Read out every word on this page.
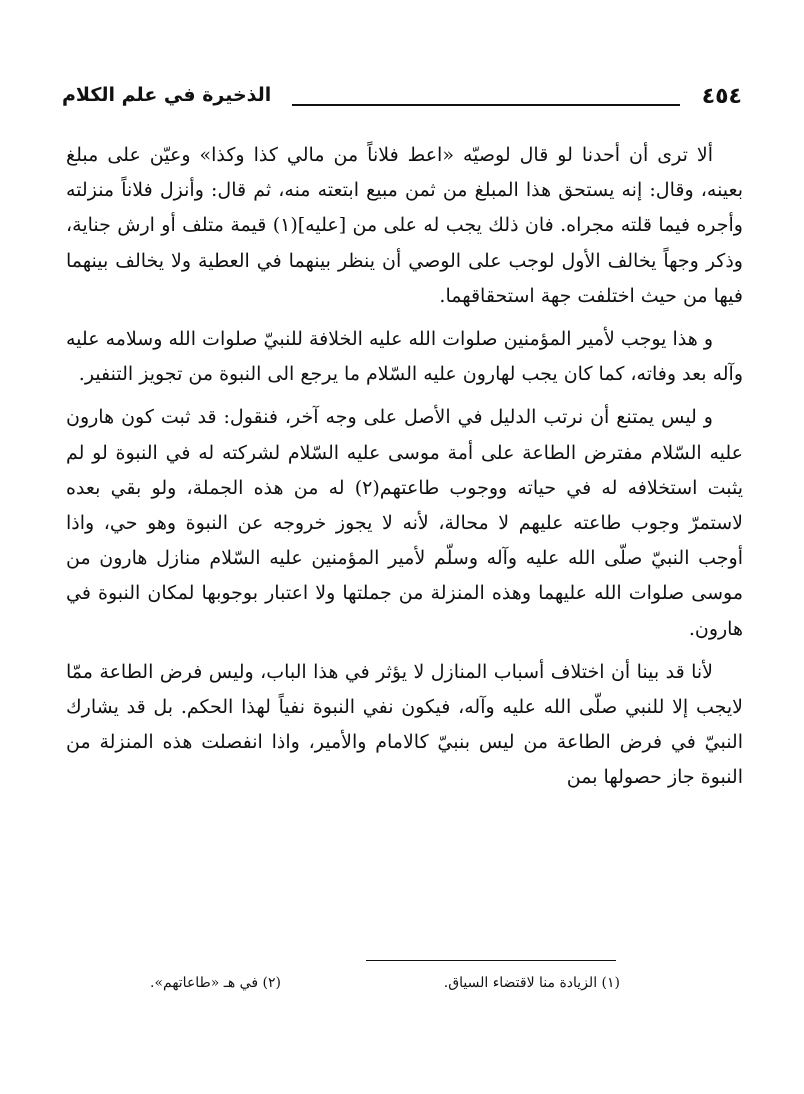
٤٥٤
الذخيرة في علم الكلام

ألا ترى أن أحدنا لو قال لوصيّه «اعط فلاناً من مالي كذا وكذا» وعيّن على مبلغ بعينه، وقال: إنه يستحق هذا المبلغ من ثمن مبيع ابتعته منه، ثم قال: وأنزل فلاناً منزلته وأجره فيما قلته مجراه. فان ذلك يجب له على من [عليه](١) قيمة متلف أو ارش جناية، وذكر وجهاً يخالف الأول لوجب على الوصي أن ينظر بينهما في العطية ولا يخالف بينهما فيها من حيث اختلفت جهة استحقاقهما.

و هذا يوجب لأمير المؤمنين صلوات الله عليه الخلافة للنبيّ صلوات الله وسلامه عليه وآله بعد وفاته، كما كان يجب لهارون عليه السّلام ما يرجع الى النبوة من تجويز التنفير.

و ليس يمتنع أن نرتب الدليل في الأصل على وجه آخر، فنقول: قد ثبت كون هارون عليه السّلام مفترض الطاعة على أمة موسى عليه السّلام لشركته له في النبوة لو لم يثبت استخلافه له في حياته ووجوب طاعتهم(٢) له من هذه الجملة، ولو بقي بعده لاستمرّ وجوب طاعته عليهم لا محالة، لأنه لا يجوز خروجه عن النبوة وهو حي، واذا أوجب النبيّ صلّى الله عليه وآله وسلّم لأمير المؤمنين عليه السّلام منازل هارون من موسى صلوات الله عليهما وهذه المنزلة من جملتها ولا اعتبار بوجوبها لمكان النبوة في هارون.

لأنا قد بينا أن اختلاف أسباب المنازل لا يؤثر في هذا الباب، وليس فرض الطاعة ممّا لايجب إلا للنبي صلّى الله عليه وآله، فيكون نفي النبوة نفياً لهذا الحكم. بل قد يشارك النبيّ في فرض الطاعة من ليس بنبيّ كالامام والأمير، واذا انفصلت هذه المنزلة من النبوة جاز حصولها بمن

(١) الزيادة منا لاقتضاء السياق.
(٢) في هـ «طاعاتهم».
